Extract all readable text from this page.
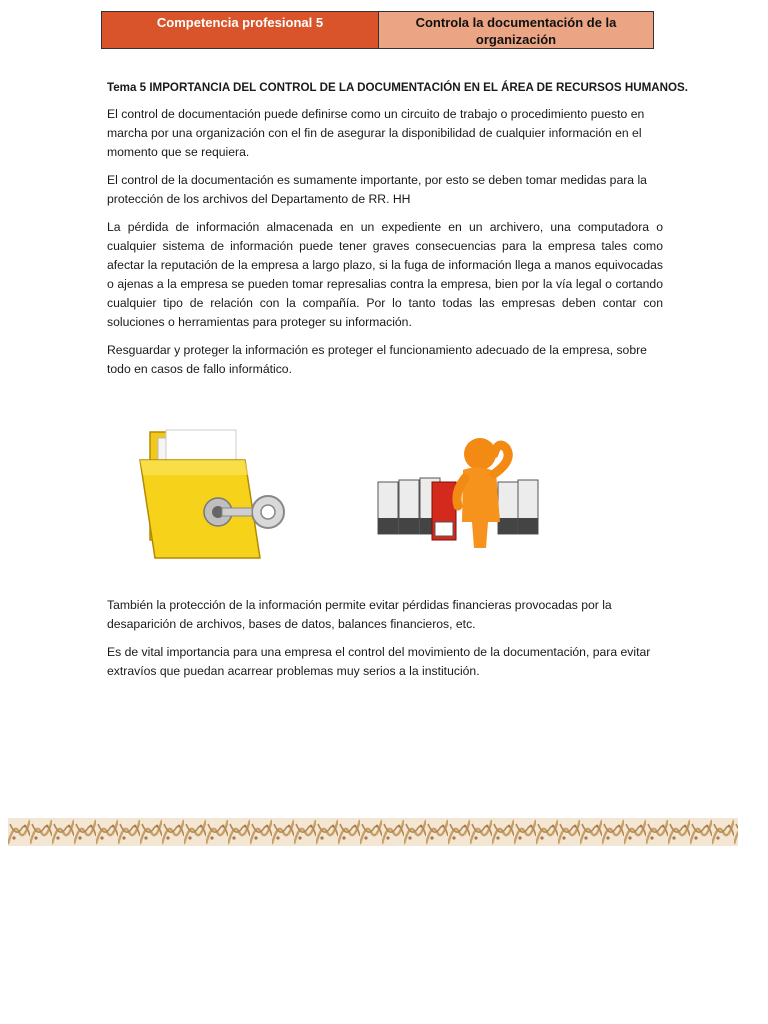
Competencia profesional 5	Controla la documentación de la organización
Tema 5 IMPORTANCIA DEL CONTROL DE LA DOCUMENTACIÓN EN EL ÁREA DE RECURSOS HUMANOS.

El control de documentación puede definirse como un circuito de trabajo o procedimiento puesto en marcha por una organización con el fin de asegurar la disponibilidad de cualquier información en el momento que se requiera.

El control de la documentación es sumamente importante, por esto se deben tomar medidas para la protección de los archivos del Departamento de RR. HH

La pérdida de información almacenada en un expediente en un archivero, una computadora o cualquier sistema de información puede tener graves consecuencias para la empresa tales como afectar la reputación de la empresa a largo plazo, si la fuga de información llega a manos equivocadas o ajenas a la empresa se pueden tomar represalias contra la empresa, bien por la vía legal o cortando cualquier tipo de relación con la compañía. Por lo tanto todas las empresas deben contar con soluciones o herramientas para proteger su información.

Resguardar y proteger la información es proteger el funcionamiento adecuado de la empresa, sobre todo en casos de fallo informático.

También la protección de la información permite evitar pérdidas financieras provocadas por la desaparición de archivos, bases de datos, balances financieros, etc.

Es de vital importancia para una empresa el control del movimiento de la documentación, para evitar extravíos que puedan acarrear problemas muy serios a la institución.
